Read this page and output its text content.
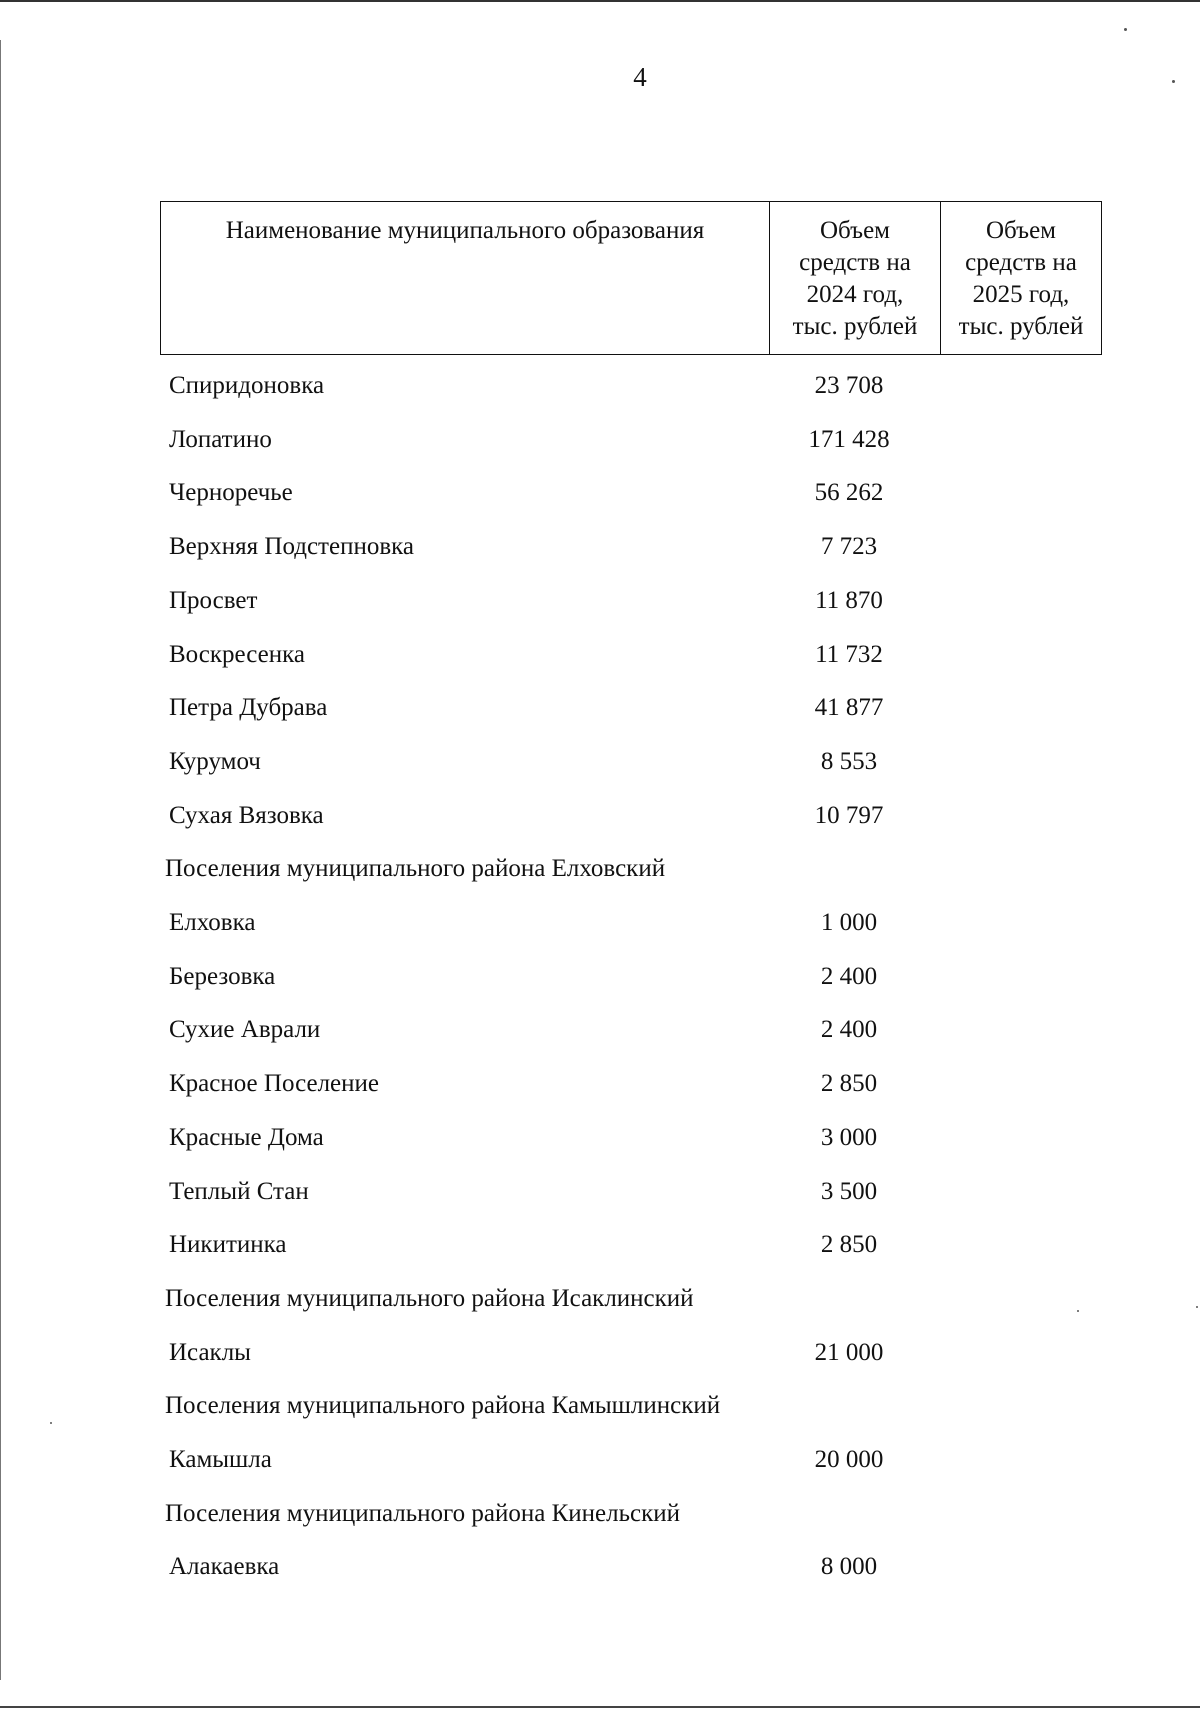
4
Наименование муниципального образования	Объем
средств на
2024 год,
тыс. рублей

Объем
средств на
2025 год,
тыс. рублей
Спиридоновка	23 708
Лопатино	171 428
Черноречье	56 262
Верхняя Подстепновка	7 723
Просвет	11 870
Воскресенка	11 732
Петра Дубрава	41 877
Курумоч	8 553
Сухая Вязовка	10 797
Поселения муниципального района Елховский
Елховка	1 000
Березовка	2 400
Сухие Аврали	2 400
Красное Поселение	2 850
Красные Дома	3 000
Теплый Стан	3 500
Никитинка	2 850
Поселения муниципального района Исаклинский
Исаклы	21 000
Поселения муниципального района Камышлинский
Камышла	20 000
Поселения муниципального района Кинельский
Алакаевка	8 000
